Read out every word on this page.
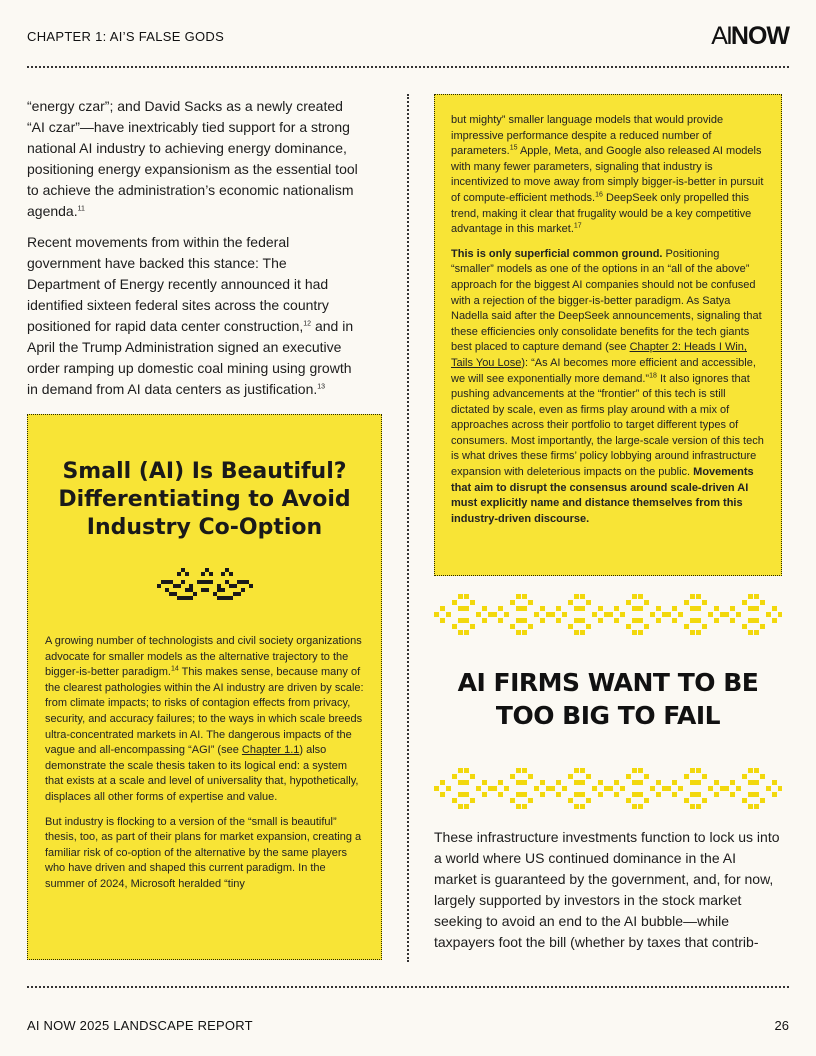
CHAPTER 1: AI’S FALSE GODS	AINOW

“energy czar”; and David Sacks as a newly created “AI czar”—have inextricably tied support for a strong national AI industry to achieving energy dominance, positioning energy expansionism as the essential tool to achieve the administration’s economic nationalism agenda.$^{11}$

Recent movements from within the federal government have backed this stance: The Department of Energy recently announced it had identified sixteen federal sites across the country positioned for rapid data center construction,$^{12}$ and in April the Trump Administration signed an executive order ramping up domestic coal mining using growth in demand from AI data centers as justification.$^{13}$

Small (AI) Is Beautiful? Differentiating to Avoid Industry Co-Option

A growing number of technologists and civil society organizations advocate for smaller models as the alternative trajectory to the bigger-is-better paradigm.$^{14}$ This makes sense, because many of the clearest pathologies within the AI industry are driven by scale: from climate impacts; to risks of contagion effects from privacy, security, and accuracy failures; to the ways in which scale breeds ultra-concentrated markets in AI. The dangerous impacts of the vague and all-encompassing “AGI” (see Chapter 1.1) also demonstrate the scale thesis taken to its logical end: a system that exists at a scale and level of universality that, hypothetically, displaces all other forms of expertise and value.

But industry is flocking to a version of the “small is beautiful” thesis, too, as part of their plans for market expansion, creating a familiar risk of co-option of the alternative by the same players who have driven and shaped this current paradigm. In the summer of 2024, Microsoft heralded “tiny

but mighty” smaller language models that would provide impressive performance despite a reduced number of parameters.$^{15}$ Apple, Meta, and Google also released AI models with many fewer parameters, signaling that industry is incentivized to move away from simply bigger-is-better in pursuit of compute-efficient methods.$^{16}$ DeepSeek only propelled this trend, making it clear that frugality would be a key competitive advantage in this market.$^{17}$

This is only superficial common ground. Positioning “smaller” models as one of the options in an “all of the above” approach for the biggest AI companies should not be confused with a rejection of the bigger-is-better paradigm. As Satya Nadella said after the DeepSeek announcements, signaling that these efficiencies only consolidate benefits for the tech giants best placed to capture demand (see Chapter 2: Heads I Win, Tails You Lose): “As AI becomes more efficient and accessible, we will see exponentially more demand.”$^{18}$ It also ignores that pushing advancements at the “frontier” of this tech is still dictated by scale, even as firms play around with a mix of approaches across their portfolio to target different types of consumers. Most importantly, the large-scale version of this tech is what drives these firms’ policy lobbying around infrastructure expansion with deleterious impacts on the public. Movements that aim to disrupt the consensus around scale-driven AI must explicitly name and distance themselves from this industry-driven discourse.

AI FIRMS WANT TO BE TOO BIG TO FAIL

These infrastructure investments function to lock us into a world where US continued dominance in the AI market is guaranteed by the government, and, for now, largely supported by investors in the stock market seeking to avoid an end to the AI bubble—while taxpayers foot the bill (whether by taxes that contrib-

AI NOW 2025 LANDSCAPE REPORT	26
